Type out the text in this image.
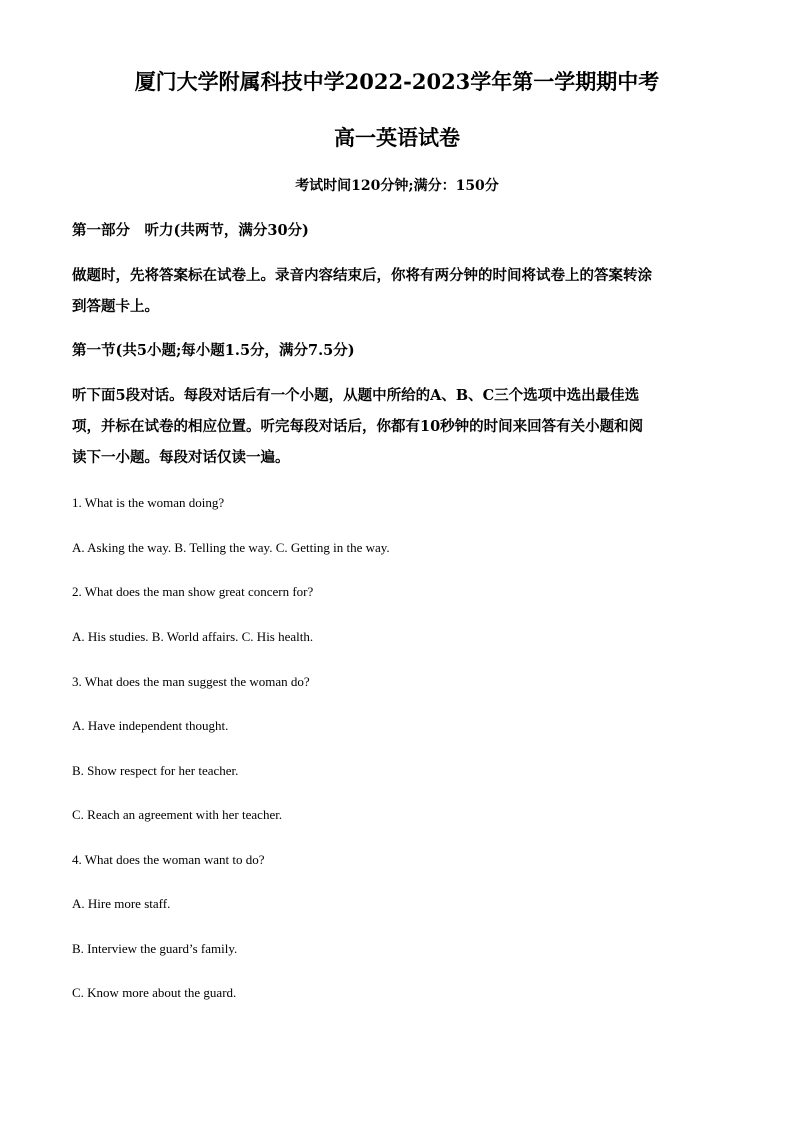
厦门大学附属科技中学2022-2023学年第一学期期中考
高一英语试卷
考试时间120分钟;满分：150分
第一部分　听力(共两节，满分30分)
做题时，先将答案标在试卷上。录音内容结束后，你将有两分钟的时间将试卷上的答案转涂
到答题卡上。
第一节(共5小题;每小题1.5分，满分7.5分)
听下面5段对话。每段对话后有一个小题，从题中所给的A、B、C三个选项中选出最佳选
项，并标在试卷的相应位置。听完每段对话后，你都有10秒钟的时间来回答有关小题和阅
读下一小题。每段对话仅读一遍。
1. What is the woman doing?
A. Asking the way. B. Telling the way. C. Getting in the way.
2. What does the man show great concern for?
A. His studies. B. World affairs. C. His health.
3. What does the man suggest the woman do?
A. Have independent thought.
B. Show respect for her teacher.
C. Reach an agreement with her teacher.
4. What does the woman want to do?
A. Hire more staff.
B. Interview the guard’s family.
C. Know more about the guard.
